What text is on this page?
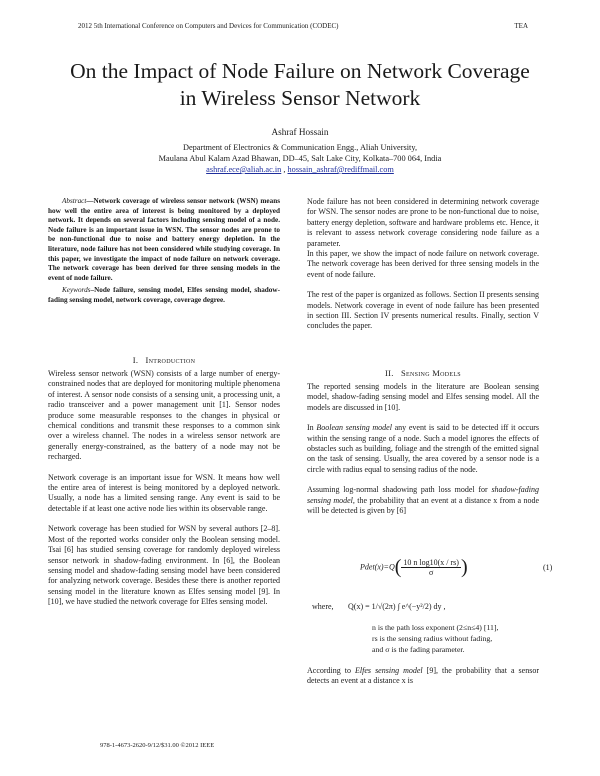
2012 5th International Conference on Computers and Devices for Communication (CODEC)	TEA
On the Impact of Node Failure on Network Coverage
in Wireless Sensor Network
Ashraf Hossain
Department of Electronics & Communication Engg., Aliah University,
Maulana Abul Kalam Azad Bhawan, DD–45, Salt Lake City, Kolkata–700 064, India
ashraf.ece@aliah.ac.in , hossain_ashraf@rediffmail.com
Abstract—Network coverage of wireless sensor network (WSN) means how well the entire area of interest is being monitored by a deployed network. It depends on several factors including sensing model of a node. Node failure is an important issue in WSN. The sensor nodes are prone to be non-functional due to noise and battery energy depletion. In the literature, node failure has not been considered while studying coverage. In this paper, we investigate the impact of node failure on network coverage. The network coverage has been derived for three sensing models in the event of node failure.
Keywords–Node failure, sensing model, Elfes sensing model, shadow-fading sensing model, network coverage, coverage degree.
I. Introduction

Wireless sensor network (WSN) consists of a large number of energy-constrained nodes that are deployed for monitoring multiple phenomena of interest. A sensor node consists of a sensing unit, a processing unit, a radio transceiver and a power management unit [1]. Sensor nodes produce some measurable responses to the changes in physical or chemical conditions and transmit these responses to a common sink over a wireless channel. The nodes in a wireless sensor network are generally energy-constrained, as the battery of a node may not be recharged.

Network coverage is an important issue for WSN. It means how well the entire area of interest is being monitored by a deployed network. Usually, a node has a limited sensing range. Any event is said to be detectable if at least one active node lies within its observable range.

Network coverage has been studied for WSN by several authors [2–8]. Most of the reported works consider only the Boolean sensing model. Tsai [6] has studied sensing coverage for randomly deployed wireless sensor network in shadow-fading environment. In [6], the Boolean sensing model and shadow-fading sensing model have been considered for analyzing network coverage. Besides these there is another reported sensing model in the literature known as Elfes sensing model [9]. In [10], we have studied the network coverage for Elfes sensing model.

Node failure has not been considered in determining network coverage for WSN. The sensor nodes are prone to be non-functional due to noise, battery energy depletion, software and hardware problems etc. Hence, it is relevant to assess network coverage considering node failure as a parameter.

In this paper, we show the impact of node failure on network coverage. The network coverage has been derived for three sensing models in the event of node failure.

The rest of the paper is organized as follows. Section II presents sensing models. Network coverage in event of node failure has been presented in section III. Section IV presents numerical results. Finally, section V concludes the paper.

II. Sensing Models

The reported sensing models in the literature are Boolean sensing model, shadow-fading sensing model and Elfes sensing model. All the models are discussed in [10].

In Boolean sensing model any event is said to be detected iff it occurs within the sensing range of a node. Such a model ignores the effects of obstacles such as building, foliage and the strength of the emitted signal on the task of sensing. Usually, the area covered by a sensor node is a circle with radius equal to sensing radius of the node.

Assuming log-normal shadowing path loss model for shadow-fading sensing model, the probability that an event at a distance x from a node will be detected is given by [6]

$Pdet(x)=Q( \frac{\text{10 n log10(x / rs)}}{\sigma}$ )	(1)
where, Q(x) = 1/√(2π) ∫ e^(−y²/2) dy ,
n is the path loss exponent (2≤n≤4) [11],
rs is the sensing radius without fading,
and σ is the fading parameter.

According to Elfes sensing model [9], the probability that a sensor detects an event at a distance x is

978-1-4673-2620-9/12/$31.00 ©2012 IEEE
